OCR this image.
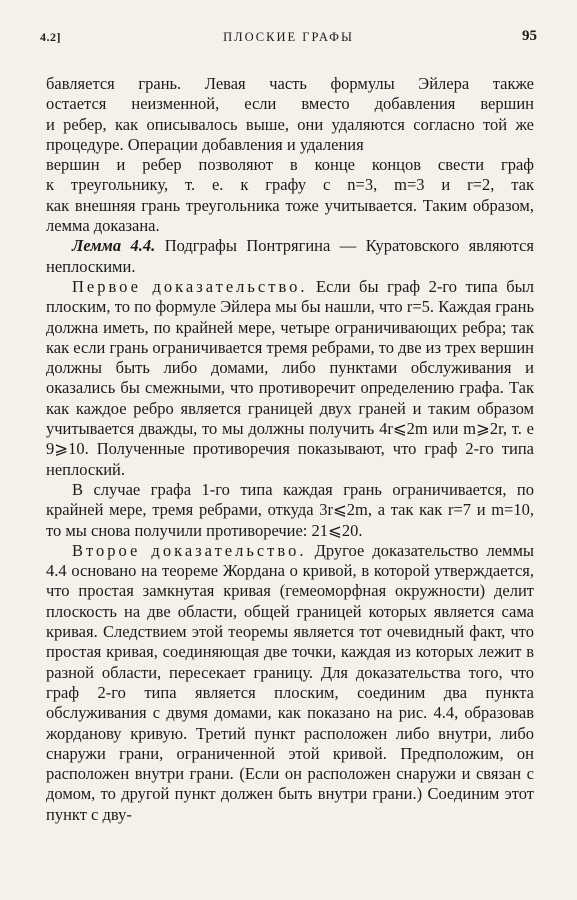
4.2]	ПЛОСКИЕ ГРАФЫ	95

бавляется грань. Левая часть формулы Эйлера также

остается неизменной, если вместо добавления вершин

и ребер, как описывалось выше, они удаляются согласно той же процедуре. Операции добавления и удаления

вершин и ребер позволяют в конце концов свести граф

к треугольнику, т. е. к графу с n=3, m=3 и r=2, так

как внешняя грань треугольника тоже учитывается. Таким образом, лемма доказана.

Лемма 4.4. Подграфы Понтрягина — Куратовского являются неплоскими.

Первое доказательство. Если бы граф 2-го типа был плоским, то по формуле Эйлера мы бы нашли, что r=5. Каждая грань должна иметь, по крайней мере, четыре ограничивающих ребра; так как если грань ограничивается тремя ребрами, то две из трех вершин должны быть либо домами, либо пунктами обслуживания и оказались бы смежными, что противоречит определению графа. Так как каждое ребро является границей двух граней и таким образом учитывается дважды, то мы должны получить 4r⩽2m или m⩾2r, т. е 9⩾10. Полученные противоречия показывают, что граф 2-го типа неплоский.

В случае графа 1-го типа каждая грань ограничивается, по крайней мере, тремя ребрами, откуда 3r⩽2m, а так как r=7 и m=10, то мы снова получили противоречие: 21⩽20.

Второе доказательство. Другое доказательство леммы 4.4 основано на теореме Жордана о кривой, в которой утверждается, что простая замкнутая кривая (гемеоморфная окружности) делит плоскость на две области, общей границей которых является сама кривая. Следствием этой теоремы является тот очевидный факт, что простая кривая, соединяющая две точки, каждая из которых лежит в разной области, пересекает границу. Для доказательства того, что граф 2-го типа является плоским, соединим два пункта обслуживания с двумя домами, как показано на рис. 4.4, образовав жорданову кривую. Третий пункт расположен либо внутри, либо снаружи грани, ограниченной этой кривой. Предположим, он расположен внутри грани. (Если он расположен снаружи и связан с домом, то другой пункт должен быть внутри грани.) Соединим этот пункт с дву-
